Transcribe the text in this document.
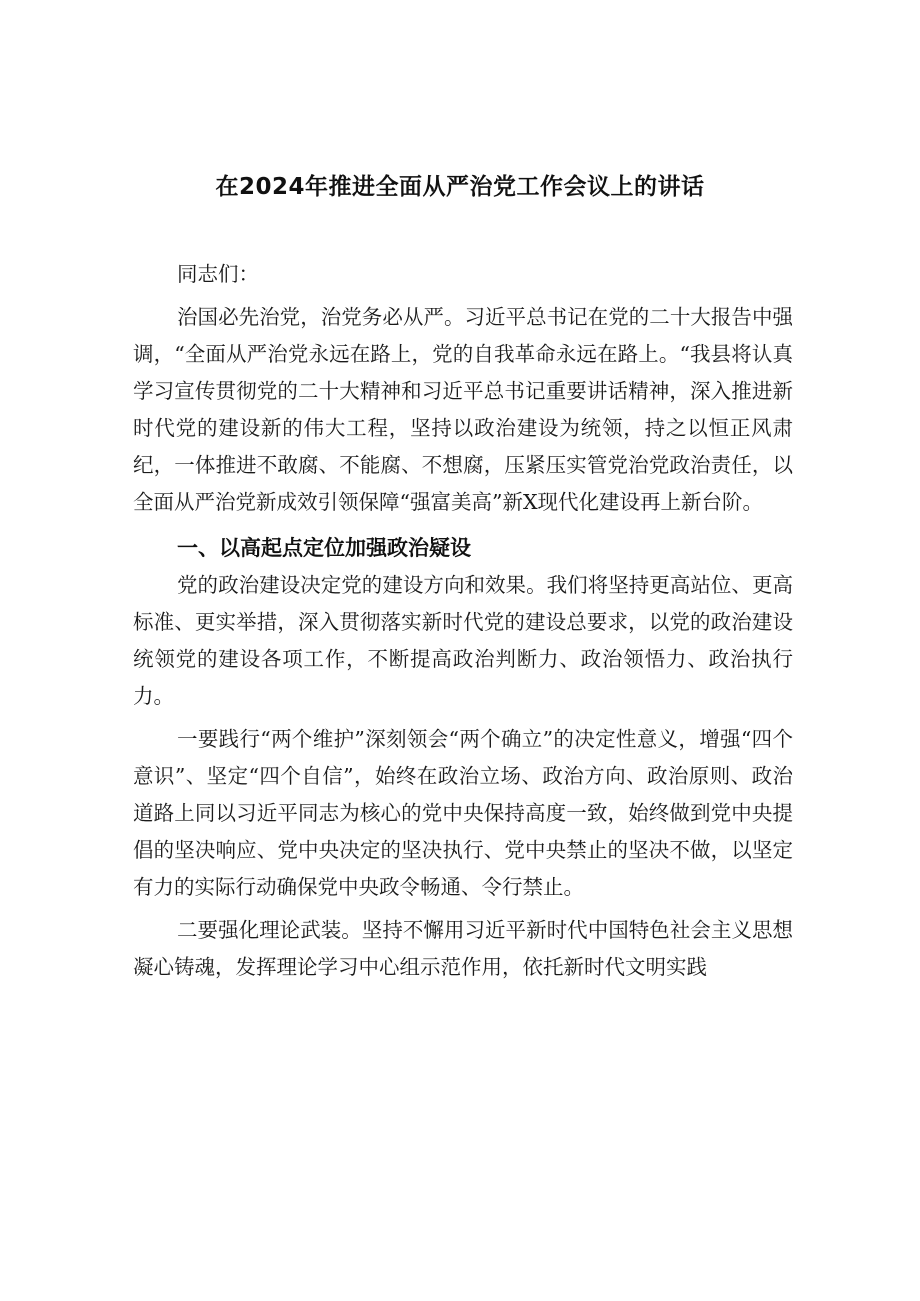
在2024年推进全面从严治党工作会议上的讲话

同志们：

治国必先治党，治党务必从严。习近平总书记在党的二十大报告中强调，“全面从严治党永远在路上，党的自我革命永远在路上。“我县将认真学习宣传贯彻党的二十大精神和习近平总书记重要讲话精神，深入推进新时代党的建设新的伟大工程，坚持以政治建设为统领，持之以恒正风肃纪，一体推进不敢腐、不能腐、不想腐，压紧压实管党治党政治责任，以全面从严治党新成效引领保障“强富美高”新X现代化建设再上新台阶。

一、以高起点定位加强政治疑设

党的政治建设决定党的建设方向和效果。我们将坚持更高站位、更高标准、更实举措，深入贯彻落实新时代党的建设总要求，以党的政治建设统领党的建设各项工作，不断提高政治判断力、政治领悟力、政治执行力。

一要践行“两个维护”深刻领会“两个确立”的决定性意义，增强“四个意识”、坚定“四个自信”，始终在政治立场、政治方向、政治原则、政治道路上同以习近平同志为核心的党中央保持高度一致，始终做到党中央提倡的坚决响应、党中央决定的坚决执行、党中央禁止的坚决不做，以坚定有力的实际行动确保党中央政令畅通、令行禁止。

二要强化理论武装。坚持不懈用习近平新时代中国特色社会主义思想凝心铸魂，发挥理论学习中心组示范作用，依托新时代文明实践
